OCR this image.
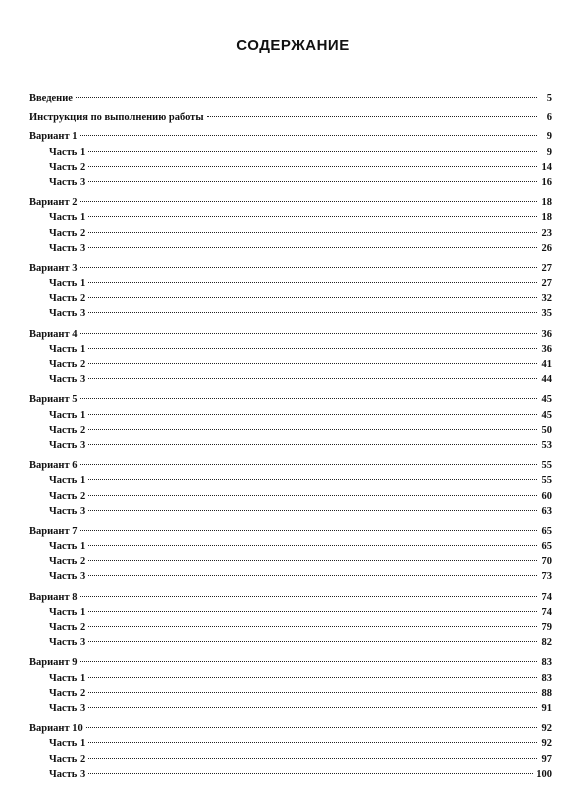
СОДЕРЖАНИЕ
Введение	5
Инструкция по выполнению работы	6
Вариант 1	9
Часть 1	9
Часть 2	14
Часть 3	16
Вариант 2	18
Часть 1	18
Часть 2	23
Часть 3	26
Вариант 3	27
Часть 1	27
Часть 2	32
Часть 3	35
Вариант 4	36
Часть 1	36
Часть 2	41
Часть 3	44
Вариант 5	45
Часть 1	45
Часть 2	50
Часть 3	53
Вариант 6	55
Часть 1	55
Часть 2	60
Часть 3	63
Вариант 7	65
Часть 1	65
Часть 2	70
Часть 3	73
Вариант 8	74
Часть 1	74
Часть 2	79
Часть 3	82
Вариант 9	83
Часть 1	83
Часть 2	88
Часть 3	91
Вариант 10	92
Часть 1	92
Часть 2	97
Часть 3	100
